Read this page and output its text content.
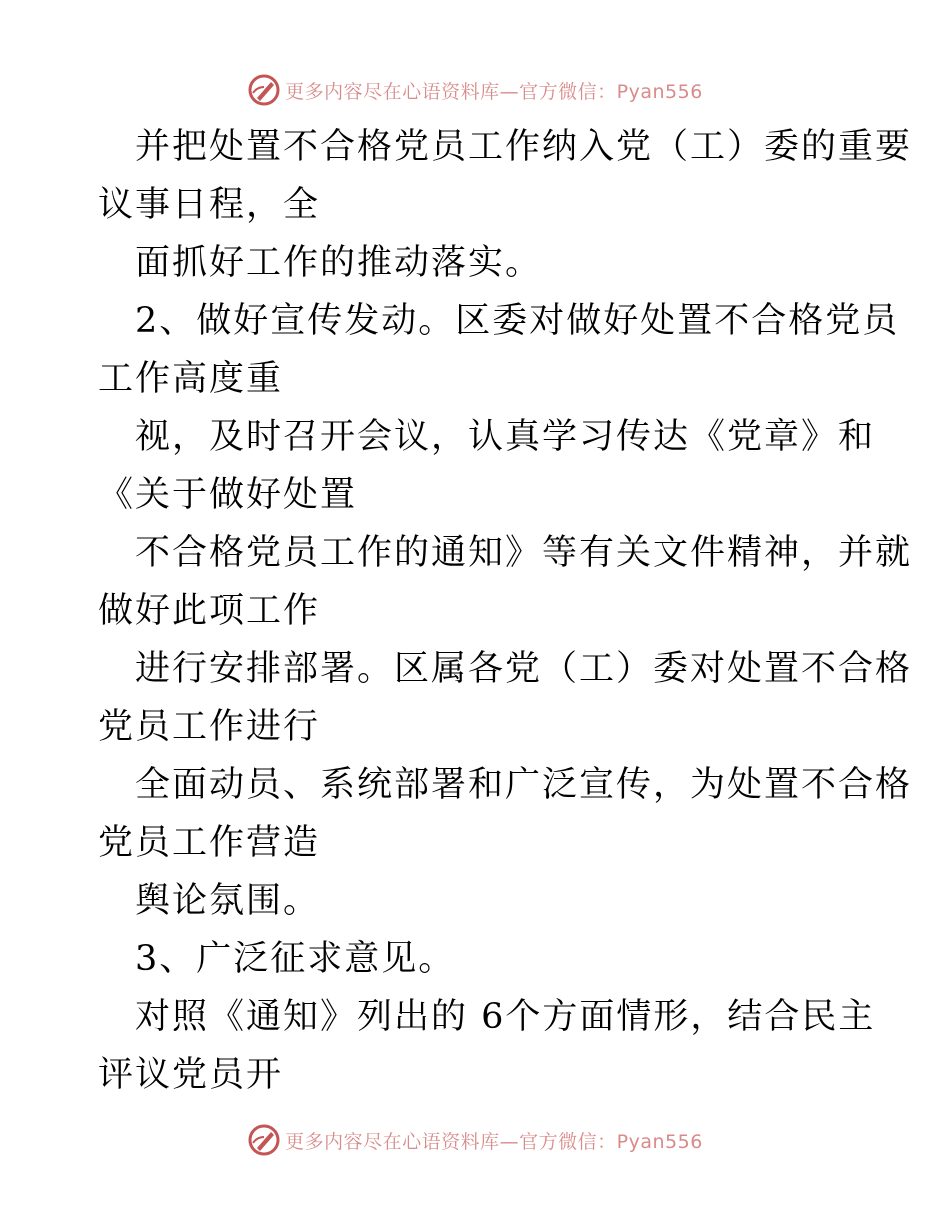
更多内容尽在心语资料库—官方微信：Pyan556
并把处置不合格党员工作纳入党（工）委的重要
议事日程，全
面抓好工作的推动落实。
2、做好宣传发动。区委对做好处置不合格党员
工作高度重
视，及时召开会议，认真学习传达《党章》和
《关于做好处置
不合格党员工作的通知》等有关文件精神，并就
做好此项工作
进行安排部署。区属各党（工）委对处置不合格
党员工作进行
全面动员、系统部署和广泛宣传，为处置不合格
党员工作营造
舆论氛围。
3、广泛征求意见。
对照《通知》列出的 6个方面情形，结合民主
评议党员开
更多内容尽在心语资料库—官方微信：Pyan556
